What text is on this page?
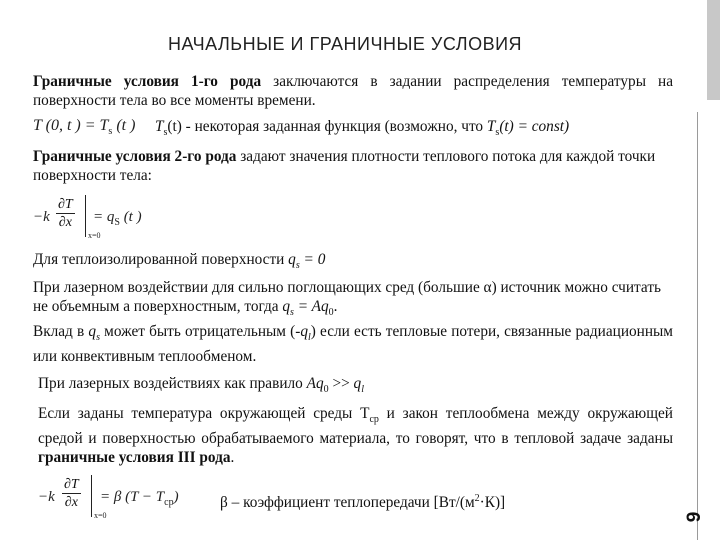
НАЧАЛЬНЫЕ И ГРАНИЧНЫЕ УСЛОВИЯ
Граничные условия 1-го рода заключаются в задании распределения температуры на поверхности тела во все моменты времени.
T (0, t ) = $T_s$ (t ) $T_s(t)$ - некоторая заданная функция (возможно, что $T_s(t)$ = const)
Граничные условия 2-го рода задают значения плотности теплового потока для каждой точки поверхности тела:
$-k \frac{\partial T}{\partial x}$
x=0
= $q_S$ (t )
Для теплоизолированной поверхности $q_s = 0$
При лазерном воздействии для сильно поглощающих сред (большие α) источник можно считать не объемным а поверхностным, тогда $q_s = Aq_0$.
Вклад в $q_s$ может быть отрицательным $(-q_l)$ если есть тепловые потери, связанные радиационным или конвективным теплообменом.
При лазерных воздействиях как правило $Aq_0 >> q_l$
Если заданы температура окружающей среды $Т_{ср}$ и закон теплообмена между окружающей средой и поверхностью обрабатываемого материала, то говорят, что в тепловой задаче заданы граничные условия III рода.
$-k \frac{\partial T}{\partial x}$
x=0
= β $(T - T_{cp})$	β – коэффициент теплопередачи $[Вт/(м^2\cdot К)]$
9
